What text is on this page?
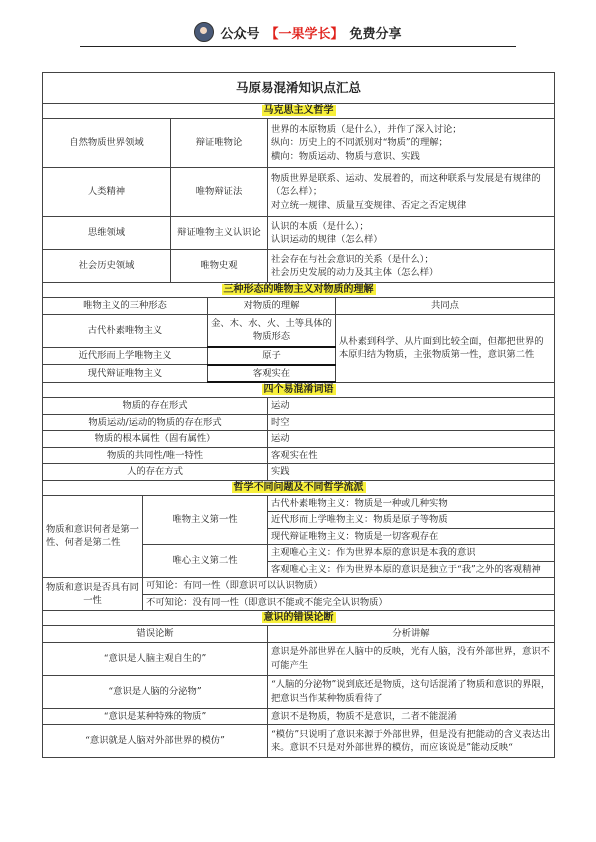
公众号 【一果学长】 免费分享
马原易混淆知识点汇总					
马克思主义哲学					
自然物质世界领域		辩证唯物论		世界的本原物质（是什么），并作了深入讨论；
纵向：历史上的不同派别对“物质”的理解；
横向：物质运动、物质与意识、实践	

人类精神		唯物辩证法		物质世界是联系、运动、发展着的，而这种联系与发展是有规律的（怎么样）；
对立统一规律、质量互变规律、否定之否定规律	

思维领域		辩证唯物主义认识论		认识的本质（是什么）；
认识运动的规律（怎么样）	

社会历史领域		唯物史观		社会存在与社会意识的关系（是什么）；
社会历史发展的动力及其主体（怎么样）	

三种形态的唯物主义对物质的理解					
唯物主义的三种形态			对物质的理解		共同点
古代朴素唯物主义			金、木、水、火、土等具体的物质形态		从朴素到科学、从片面到比较全面，但都把世界的本原归结为物质，主张物质第一性，意识第二性
近代形而上学唯物主义			原子		
现代辩证唯物主义			客观实在		
四个易混淆词语					
物质的存在形式				运动	
物质运动/运动的物质的存在形式				时空	
物质的根本属性（固有属性）				运动	
物质的共同性/唯一特性				客观实在性	
人的存在方式				实践	
哲学不同问题及不同哲学流派					
物质和意识何者是第一性、何者是第二性	唯物主义第一性			古代朴素唯物主义：物质是一种或几种实物	
				近代形而上学唯物主义：物质是原子等物质	
				现代辩证唯物主义：物质是一切客观存在	
	唯心主义第二性			主观唯心主义：作为世界本原的意识是本我的意识	
				客观唯心主义：作为世界本原的意识是独立于“我”之外的客观精神	
物质和意识是否具有同一性	可知论：有同一性（即意识可以认识物质）				
	不可知论：没有同一性（即意识不能或不能完全认识物质）				
意识的错误论断					
错误论断				分析讲解	
“意识是人脑主观自生的”				意识是外部世界在人脑中的反映，光有人脑，没有外部世界，意识不可能产生	
“意识是人脑的分泌物”				“人脑的分泌物”说到底还是物质，这句话混淆了物质和意识的界限，把意识当作某种物质看待了	
“意识是某种特殊的物质”				意识不是物质，物质不是意识，二者不能混淆	
“意识就是人脑对外部世界的模仿”				“模仿”只说明了意识来源于外部世界，但是没有把能动的含义表达出来。意识不只是对外部世界的模仿，而应该说是”能动反映“	
